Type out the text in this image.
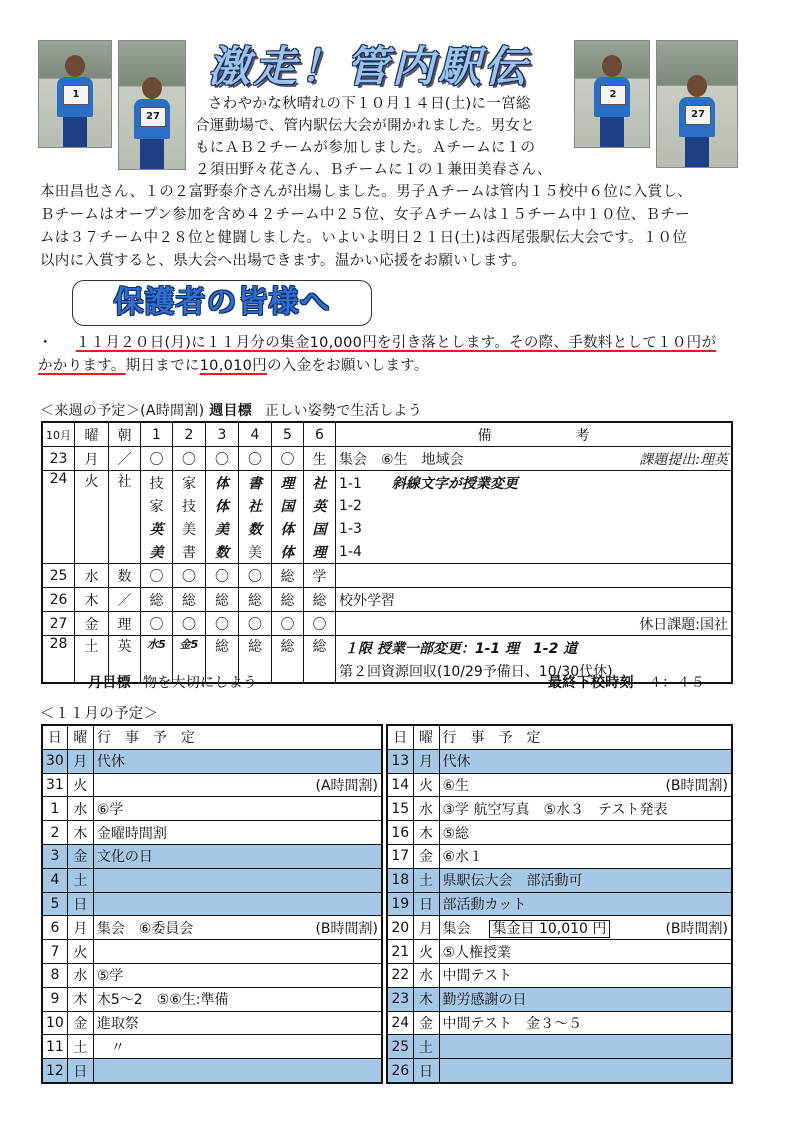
1
27
2
27
激走！管内駅伝
さわやかな秋晴れの下１０月１４日(土)に一宮総
合運動場で、管内駅伝大会が開かれました。男女と
もにＡＢ２チームが参加しました。Ａチームに１の
２須田野々花さん、Ｂチームに１の１兼田美春さん、
本田昌也さん、１の２富野泰介さんが出場しました。男子Ａチームは管内１５校中６位に入賞し、
Ｂチームはオープン参加を含め４２チーム中２５位、女子Ａチームは１５チーム中１０位、Ｂチー
ムは３７チーム中２８位と健闘しました。いよいよ明日２１日(土)は西尾張駅伝大会です。１０位
以内に入賞すると、県大会へ出場できます。温かい応援をお願いします。
保護者の皆様へ
・ １１月２０日(月)に１１月分の集金10,000円を引き落とします。その際、手数料として１０円が
かかります。期日までに10,010円の入金をお願いします。
＜来週の予定＞(A時間割) 週目標 正しい姿勢で生活しよう
10月	曜	朝	1	2	3	4	5	6	備　　　　　　考
23	月	／	〇	〇	〇	〇	〇	生	集会　⑥生　地域会 課題提出:理英

24	火	社	技	家	体	書	理	社	1-1 斜線文字が授業変更
			家	技	体	社	国	英	1-2
			英	美	美	数	体	国	1-3
			美	書	数	美	体	理	1-4
25	水	数	〇	〇	〇	〇	総	学	
26	木	／	総	総	総	総	総	総	校外学習
27	金	理	〇	〇	〇	〇	〇	〇	休日課題:国社
28	土	英	水5	金5	総	総	総	総	１限 授業一部変更：1-1 理　1-2 道
									第２回資源回収(10/29予備日、10/30代休)
月目標 物を大切にしよう	最終下校時刻 ４：４５
＜１１月の予定＞
日	曜	行　事　予　定
30	月	代休
31	火	(A時間割)

1	水	⑥学
2	木	金曜時間割
3	金	文化の日
4	土	
5	日	
6	月	集会　⑥委員会 (B時間割)

7	火	
8	水	⑤学
9	木	木5～2　⑤⑥生:準備
10	金	進取祭
11	土	　〃
12	日	
日	曜	行　事　予　定
13	月	代休
14	火	⑥生 (B時間割)

15	水	③学 航空写真　⑤水３　テスト発表
16	木	⑤総
17	金	⑥水１
18	土	県駅伝大会　部活動可
19	日	部活動カット
20	月	集会 集金日 10,010 円 (B時間割)

21	火	⑤人権授業
22	水	中間テスト
23	木	勤労感謝の日
24	金	中間テスト　金３～５
25	土	
26	日	
